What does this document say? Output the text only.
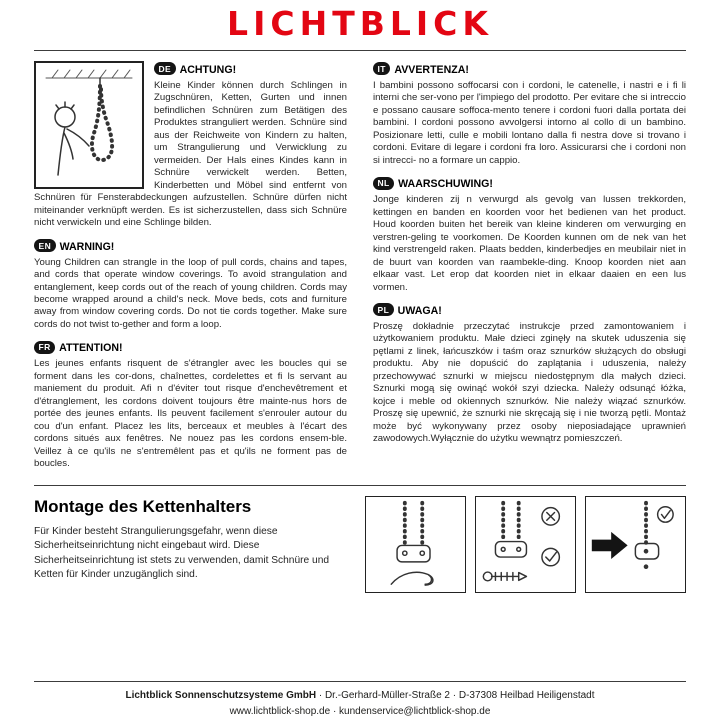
LICHTBLICK
DE ACHTUNG!
Kleine Kinder können durch Schlingen in Zugschnüren, Ketten, Gurten und innen befindlichen Schnüren zum Betätigen des Produktes stranguliert werden. Schnüre sind aus der Reichweite von Kindern zu halten, um Strangulierung und Verwicklung zu vermeiden. Der Hals eines Kindes kann in Schnüre verwickelt werden. Betten, Kinderbetten und Möbel sind entfernt von Schnüren für Fensterabdeckungen aufzustellen. Schnüre dürfen nicht miteinander verknüpft werden. Es ist sicherzustellen, dass sich Schnüre nicht verwickeln und eine Schlinge bilden.
EN WARNING!
Young Children can strangle in the loop of pull cords, chains and tapes, and cords that operate window coverings. To avoid strangulation and entanglement, keep cords out of the reach of young children. Cords may become wrapped around a child's neck. Move beds, cots and furniture away from window covering cords. Do not tie cords together. Make sure cords do not twist to-gether and form a loop.
FR ATTENTION!
Les jeunes enfants risquent de s'étrangler avec les boucles qui se forment dans les cor-dons, chaînettes, cordelettes et fi ls servant au maniement du produit. Afi n d'éviter tout risque d'enchevêtrement et d'étranglement, les cordons doivent toujours être mainte-nus hors de portée des jeunes enfants. Ils peuvent facilement s'enrouler autour du cou d'un enfant. Placez les lits, berceaux et meubles à l'écart des cordons situés aux fenêtres. Ne nouez pas les cordons ensem-ble. Veillez à ce qu'ils ne s'entremêlent pas et qu'ils ne forment pas de boucles.
IT AVVERTENZA!
I bambini possono soffocarsi con i cordoni, le catenelle, i nastri e i fi li interni che ser-vono per l'impiego del prodotto. Per evitare che si intreccio e possano causare soffoca-mento tenere i cordoni fuori dalla portata dei bambini. I cordoni possono avvolgersi intorno al collo di un bambino. Posizionare letti, culle e mobili lontano dalla fi nestra dove si trovano i cordoni. Evitare di legare i cordoni fra loro. Assicurarsi che i cordoni non si intrecci- no a formare un cappio.
NL WAARSCHUWING!
Jonge kinderen zij n verwurgd als gevolg van lussen trekkorden, kettingen en banden en koorden voor het bedienen van het product. Houd koorden buiten het bereik van kleine kinderen om verwurging en verstren-geling te voorkomen. De Koorden kunnen om de nek van het kind verstrengeld raken. Plaats bedden, kinderbedjes en meubilair niet in de buurt van koorden van raambekle-ding. Knoop koorden niet aan elkaar vast. Let erop dat koorden niet in elkaar daaien en een lus vormen.
PL UWAGA!
Proszę dokładnie przeczytać instrukcje przed zamontowaniem i użytkowaniem produktu. Małe dzieci zginęły na skutek uduszenia się pętlami z linek, łańcuszków i taśm oraz sznurków służących do obsługi produktu. Aby nie dopuścić do zaplątania i uduszenia, należy przechowywać sznurki w miejscu niedostępnym dla małych dzieci. Sznurki mogą się owinąć wokół szyi dziecka. Należy odsunąć łóżka, kojce i meble od okiennych sznurków. Nie należy wiązać sznurków. Proszę się upewnić, że sznurki nie skręcają się i nie tworzą pętli. Montaż może być wykonywany przez osoby nieposiadające uprawnień zawodowych.Wyłącznie do użytku wewnątrz pomieszczeń.
Montage des Kettenhalters
Für Kinder besteht Strangulierungsgefahr, wenn diese Sicherheitseinrichtung nicht eingebaut wird. Diese Sicherheitseinrichtung ist stets zu verwenden, damit Schnüre und Ketten für Kinder unzugänglich sind.
Lichtblick Sonnenschutzsysteme GmbH · Dr.-Gerhard-Müller-Straße 2 · D-37308 Heilbad Heiligenstadt
www.lichtblick-shop.de · kundenservice@lichtblick-shop.de
